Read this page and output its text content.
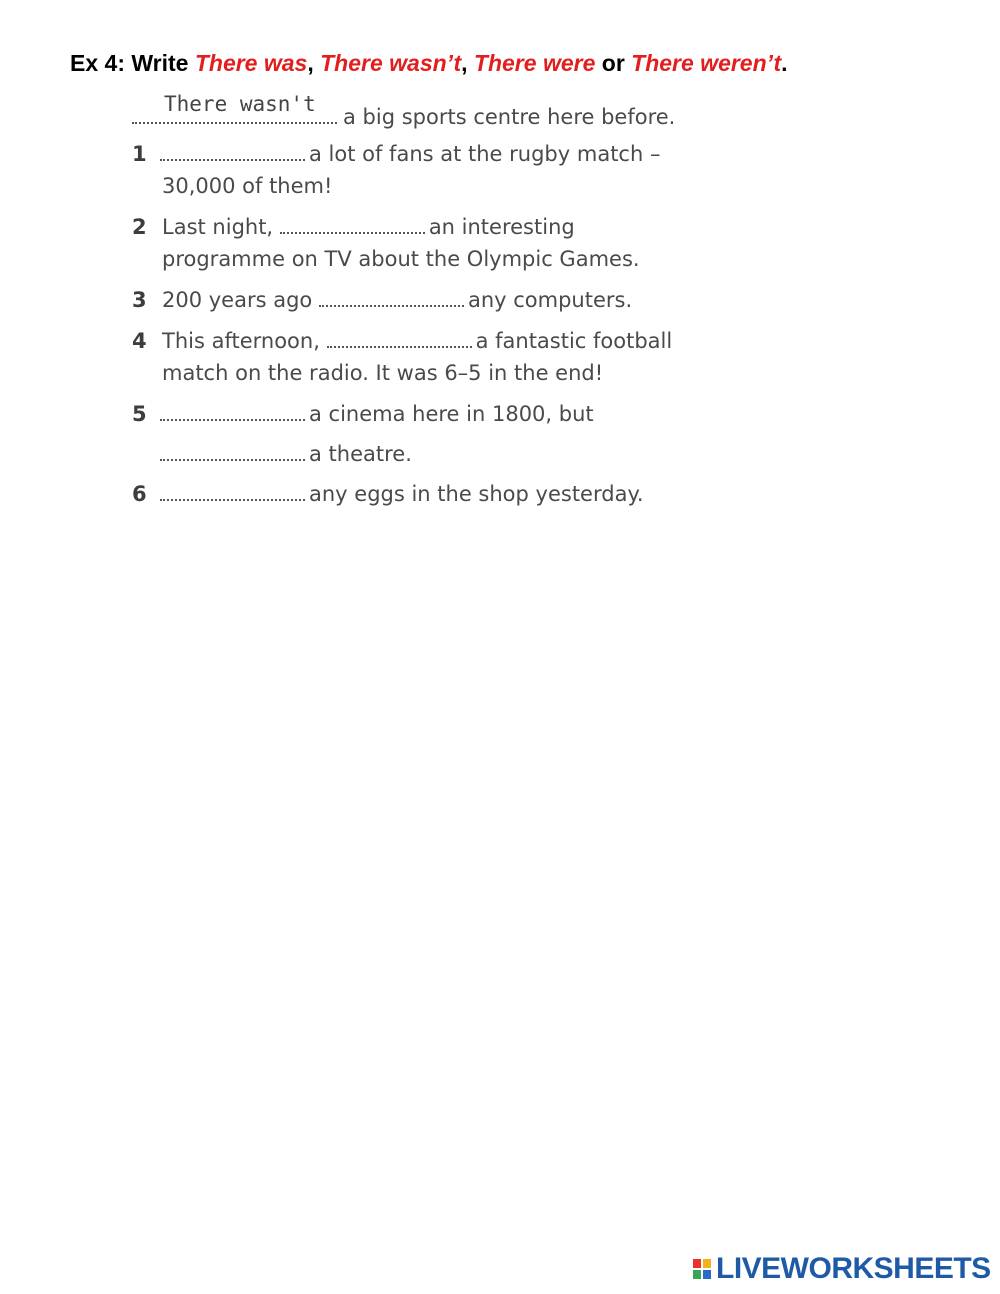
Ex 4: Write There was, There wasn’t, There were or There weren’t.
There wasn't
a big sports centre here before.
1	a lot of fans at the rugby match –
30,000 of them!
2 Last night,	an interesting
programme on TV about the Olympic Games.
3 200 years ago	any computers.
4 This afternoon,	a fantastic football
match on the radio. It was 6–5 in the end!
5	a cinema here in 1800, but
a theatre.
6	any eggs in the shop yesterday.
LIVEWORKSHEETS
